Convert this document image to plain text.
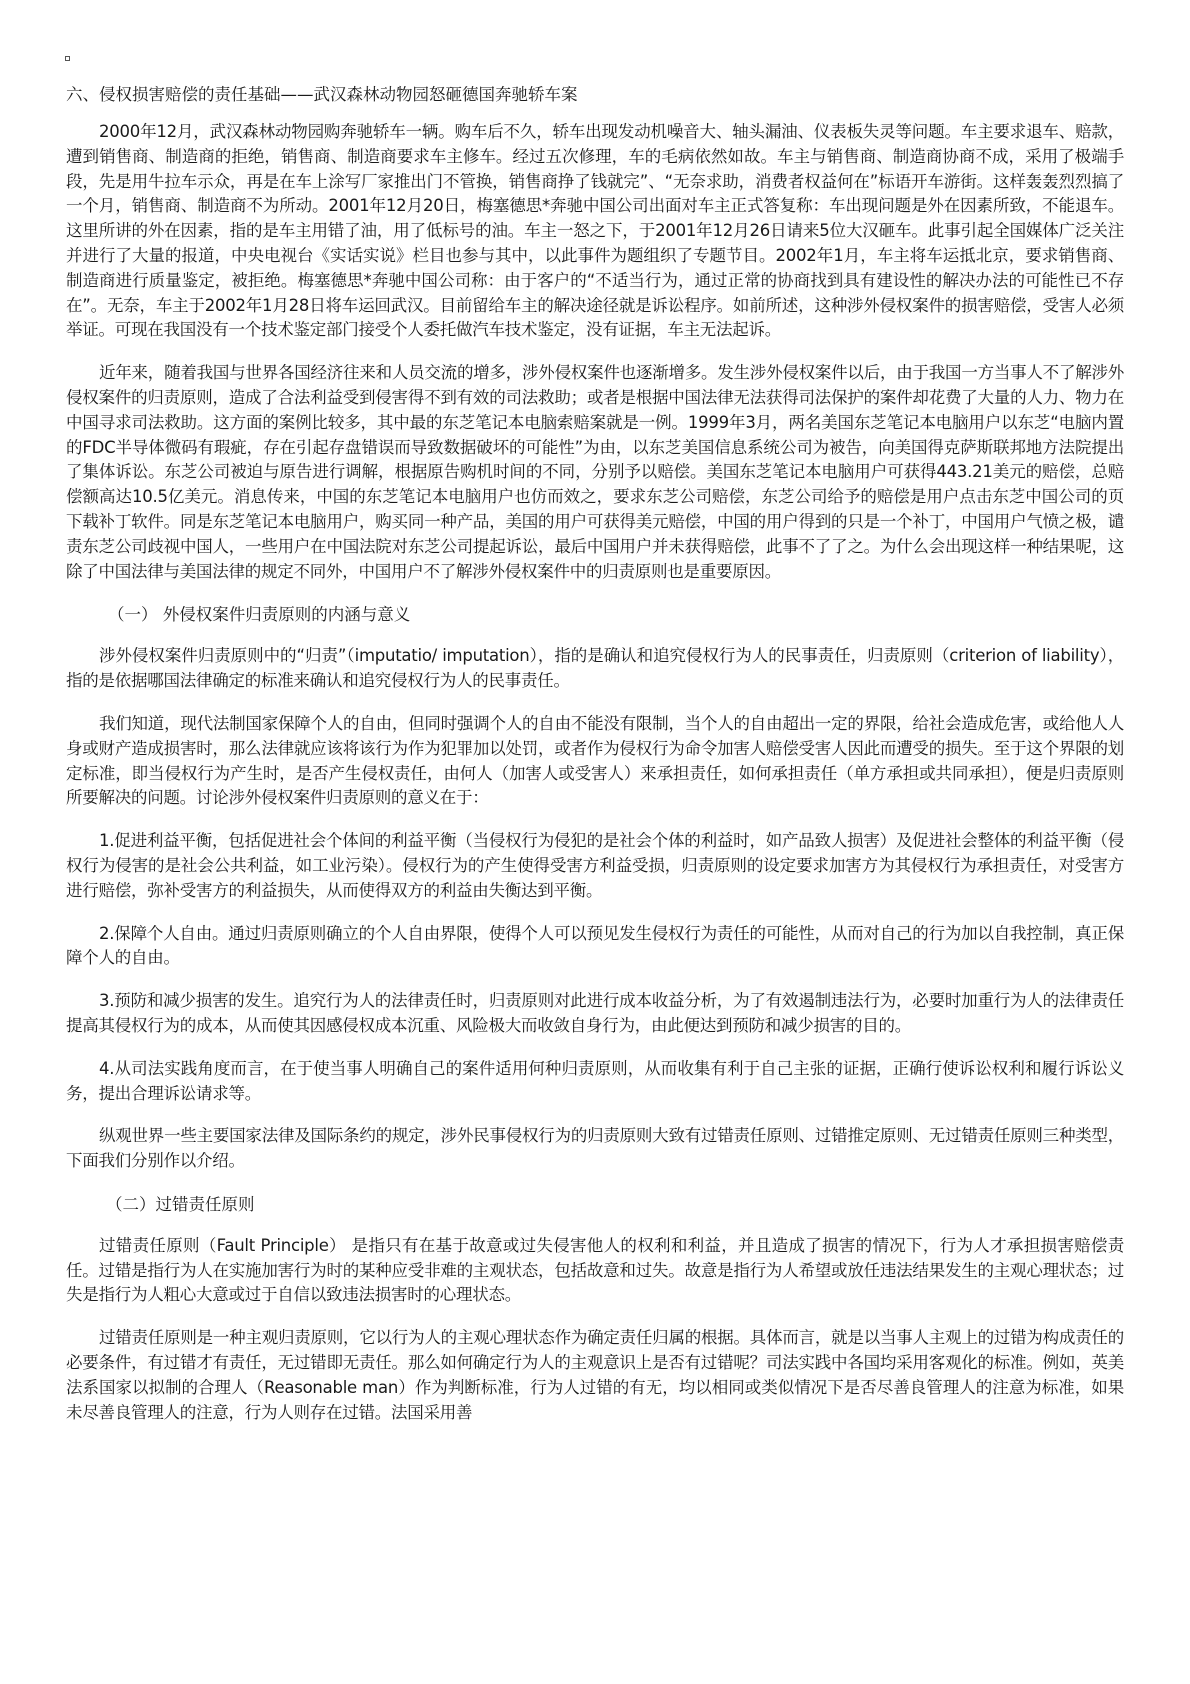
六、侵权损害赔偿的责任基础——武汉森林动物园怒砸德国奔驰轿车案

2000年12月，武汉森林动物园购奔驰轿车一辆。购车后不久，轿车出现发动机噪音大、轴头漏油、仪表板失灵等问题。车主要求退车、赔款，遭到销售商、制造商的拒绝，销售商、制造商要求车主修车。经过五次修理，车的毛病依然如故。车主与销售商、制造商协商不成，采用了极端手段，先是用牛拉车示众，再是在车上涂写厂家推出门不管换，销售商挣了钱就完”、“无奈求助，消费者权益何在”标语开车游街。这样轰轰烈烈搞了一个月，销售商、制造商不为所动。2001年12月20日，梅塞德思*奔驰中国公司出面对车主正式答复称：车出现问题是外在因素所致，不能退车。这里所讲的外在因素，指的是车主用错了油，用了低标号的油。车主一怒之下，于2001年12月26日请来5位大汉砸车。此事引起全国媒体广泛关注并进行了大量的报道，中央电视台《实话实说》栏目也参与其中，以此事件为题组织了专题节目。2002年1月，车主将车运抵北京，要求销售商、制造商进行质量鉴定，被拒绝。梅塞德思*奔驰中国公司称：由于客户的“不适当行为，通过正常的协商找到具有建设性的解决办法的可能性已不存在”。无奈，车主于2002年1月28日将车运回武汉。目前留给车主的解决途径就是诉讼程序。如前所述，这种涉外侵权案件的损害赔偿，受害人必须举证。可现在我国没有一个技术鉴定部门接受个人委托做汽车技术鉴定，没有证据，车主无法起诉。

近年来，随着我国与世界各国经济往来和人员交流的增多，涉外侵权案件也逐渐增多。发生涉外侵权案件以后，由于我国一方当事人不了解涉外侵权案件的归责原则，造成了合法利益受到侵害得不到有效的司法救助；或者是根据中国法律无法获得司法保护的案件却花费了大量的人力、物力在中国寻求司法救助。这方面的案例比较多，其中最的东芝笔记本电脑索赔案就是一例。1999年3月，两名美国东芝笔记本电脑用户以东芝“电脑内置的FDC半导体微码有瑕疵，存在引起存盘错误而导致数据破坏的可能性”为由，以东芝美国信息系统公司为被告，向美国得克萨斯联邦地方法院提出了集体诉讼。东芝公司被迫与原告进行调解，根据原告购机时间的不同，分别予以赔偿。美国东芝笔记本电脑用户可获得443.21美元的赔偿，总赔偿额高达10.5亿美元。消息传来，中国的东芝笔记本电脑用户也仿而效之，要求东芝公司赔偿，东芝公司给予的赔偿是用户点击东芝中国公司的页下载补丁软件。同是东芝笔记本电脑用户，购买同一种产品，美国的用户可获得美元赔偿，中国的用户得到的只是一个补丁，中国用户气愤之极，谴责东芝公司歧视中国人，一些用户在中国法院对东芝公司提起诉讼，最后中国用户并未获得赔偿，此事不了了之。为什么会出现这样一种结果呢，这除了中国法律与美国法律的规定不同外，中国用户不了解涉外侵权案件中的归责原则也是重要原因。

（一） 外侵权案件归责原则的内涵与意义

涉外侵权案件归责原则中的“归责”（imputatio/ imputation），指的是确认和追究侵权行为人的民事责任，归责原则（criterion of liability），指的是依据哪国法律确定的标准来确认和追究侵权行为人的民事责任。

我们知道，现代法制国家保障个人的自由，但同时强调个人的自由不能没有限制，当个人的自由超出一定的界限，给社会造成危害，或给他人人身或财产造成损害时，那么法律就应该将该行为作为犯罪加以处罚，或者作为侵权行为命令加害人赔偿受害人因此而遭受的损失。至于这个界限的划定标准，即当侵权行为产生时，是否产生侵权责任，由何人（加害人或受害人）来承担责任，如何承担责任（单方承担或共同承担），便是归责原则所要解决的问题。讨论涉外侵权案件归责原则的意义在于：

1.促进利益平衡，包括促进社会个体间的利益平衡（当侵权行为侵犯的是社会个体的利益时，如产品致人损害）及促进社会整体的利益平衡（侵权行为侵害的是社会公共利益，如工业污染）。侵权行为的产生使得受害方利益受损，归责原则的设定要求加害方为其侵权行为承担责任，对受害方进行赔偿，弥补受害方的利益损失，从而使得双方的利益由失衡达到平衡。

2.保障个人自由。通过归责原则确立的个人自由界限，使得个人可以预见发生侵权行为责任的可能性，从而对自己的行为加以自我控制，真正保障个人的自由。

3.预防和减少损害的发生。追究行为人的法律责任时，归责原则对此进行成本收益分析，为了有效遏制违法行为，必要时加重行为人的法律责任提高其侵权行为的成本，从而使其因感侵权成本沉重、风险极大而收敛自身行为，由此便达到预防和减少损害的目的。

4.从司法实践角度而言，在于使当事人明确自己的案件适用何种归责原则，从而收集有利于自己主张的证据，正确行使诉讼权利和履行诉讼义务，提出合理诉讼请求等。

纵观世界一些主要国家法律及国际条约的规定，涉外民事侵权行为的归责原则大致有过错责任原则、过错推定原则、无过错责任原则三种类型，下面我们分别作以介绍。

（二）过错责任原则

过错责任原则（Fault Principle） 是指只有在基于故意或过失侵害他人的权利和利益，并且造成了损害的情况下，行为人才承担损害赔偿责任。过错是指行为人在实施加害行为时的某种应受非难的主观状态，包括故意和过失。故意是指行为人希望或放任违法结果发生的主观心理状态；过失是指行为人粗心大意或过于自信以致违法损害时的心理状态。

过错责任原则是一种主观归责原则，它以行为人的主观心理状态作为确定责任归属的根据。具体而言，就是以当事人主观上的过错为构成责任的必要条件，有过错才有责任，无过错即无责任。那么如何确定行为人的主观意识上是否有过错呢？司法实践中各国均采用客观化的标准。例如，英美法系国家以拟制的合理人（Reasonable man）作为判断标准，行为人过错的有无，均以相同或类似情况下是否尽善良管理人的注意为标准，如果未尽善良管理人的注意，行为人则存在过错。法国采用善
